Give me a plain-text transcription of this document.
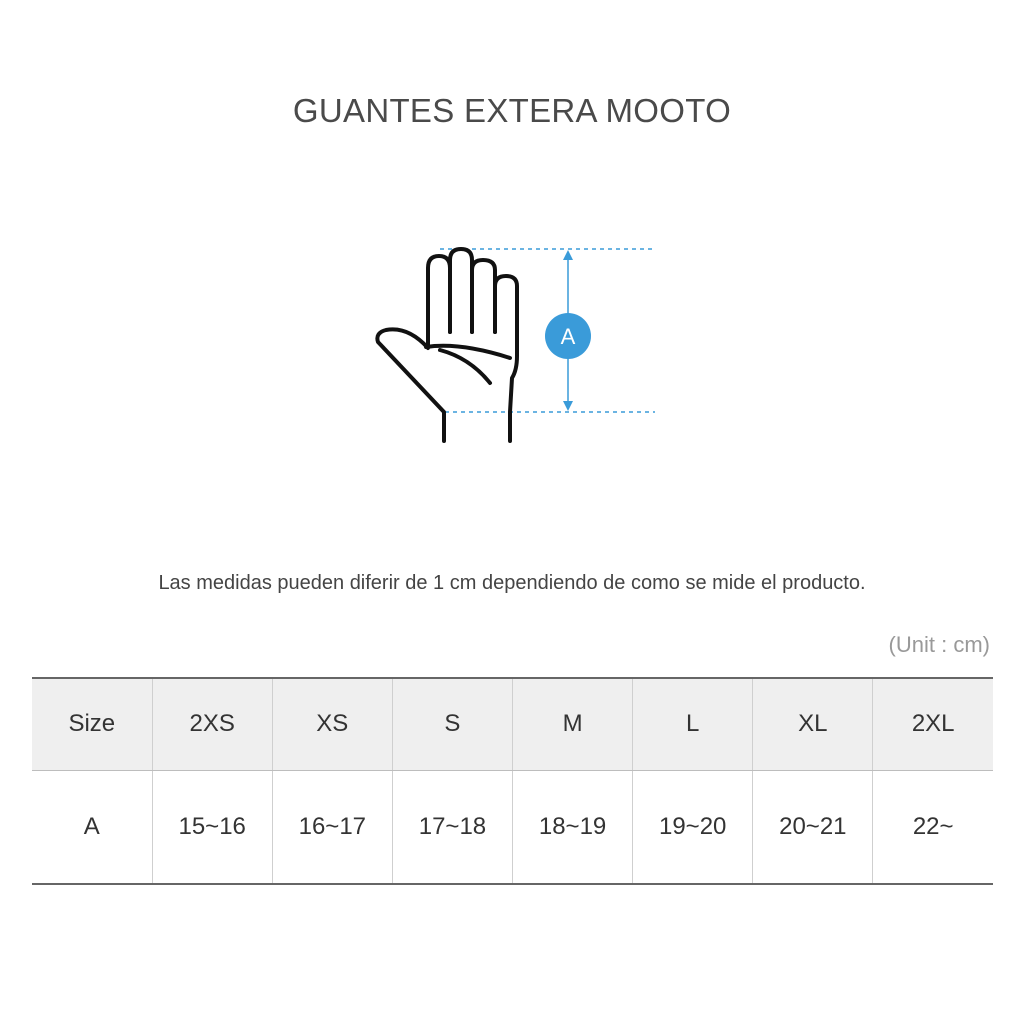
GUANTES EXTERA MOOTO
A
Las medidas pueden diferir de 1 cm dependiendo de como se mide el producto.
(Unit : cm)
Size	2XS	XS	S	M	L	XL	2XL
A	15~16	16~17	17~18	18~19	19~20	20~21	22~
